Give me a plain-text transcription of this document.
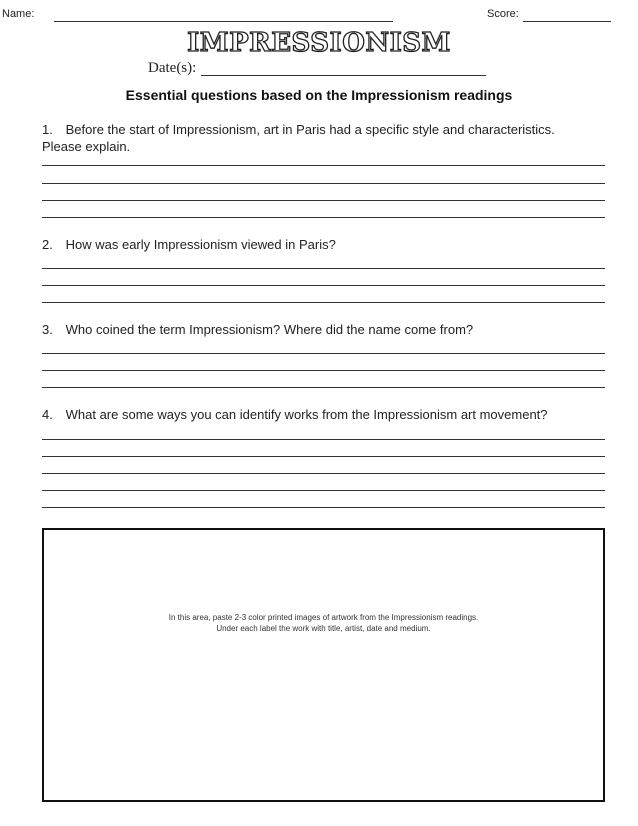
Name:	Score:
IMPRESSIONISM
Date(s):
Essential questions based on the Impressionism readings
1. Before the start of Impressionism, art in Paris had a specific style and characteristics.
Please explain.
2. How was early Impressionism viewed in Paris?
3. Who coined the term Impressionism? Where did the name come from?
4. What are some ways you can identify works from the Impressionism art movement?
In this area, paste 2-3 color printed images of artwork from the Impressionism readings.
Under each label the work with title, artist, date and medium.
